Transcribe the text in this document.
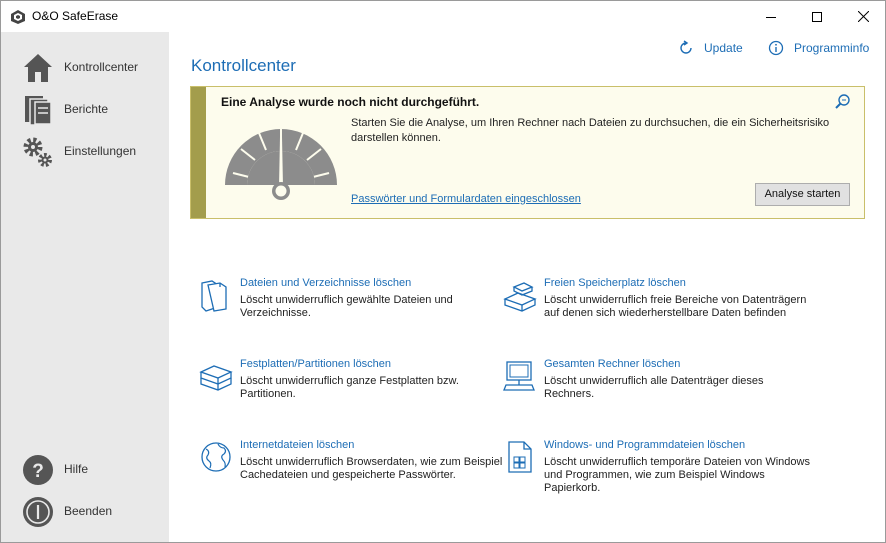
O&O SafeErase
Kontrollcenter
Berichte
Einstellungen
? Hilfe
Beenden
Update	Programminfo
Kontrollcenter
Eine Analyse wurde noch nicht durchgeführt.
Starten Sie die Analyse, um Ihren Rechner nach Dateien zu durchsuchen, die ein Sicherheitsrisiko darstellen können.
Passwörter und Formulardaten eingeschlossen	Analyse starten
Dateien und Verzeichnisse löschen
Löscht unwiderruflich gewählte Dateien und Verzeichnisse.
Freien Speicherplatz löschen
Löscht unwiderruflich freie Bereiche von Datenträgern auf denen sich wiederherstellbare Daten befinden
Festplatten/Partitionen löschen
Löscht unwiderruflich ganze Festplatten bzw. Partitionen.
Gesamten Rechner löschen
Löscht unwiderruflich alle Datenträger dieses Rechners.
Internetdateien löschen
Löscht unwiderruflich Browserdaten, wie zum Beispiel Cachedateien und gespeicherte Passwörter.
Windows- und Programmdateien löschen
Löscht unwiderruflich temporäre Dateien von Windows und Programmen, wie zum Beispiel Windows Papierkorb.
